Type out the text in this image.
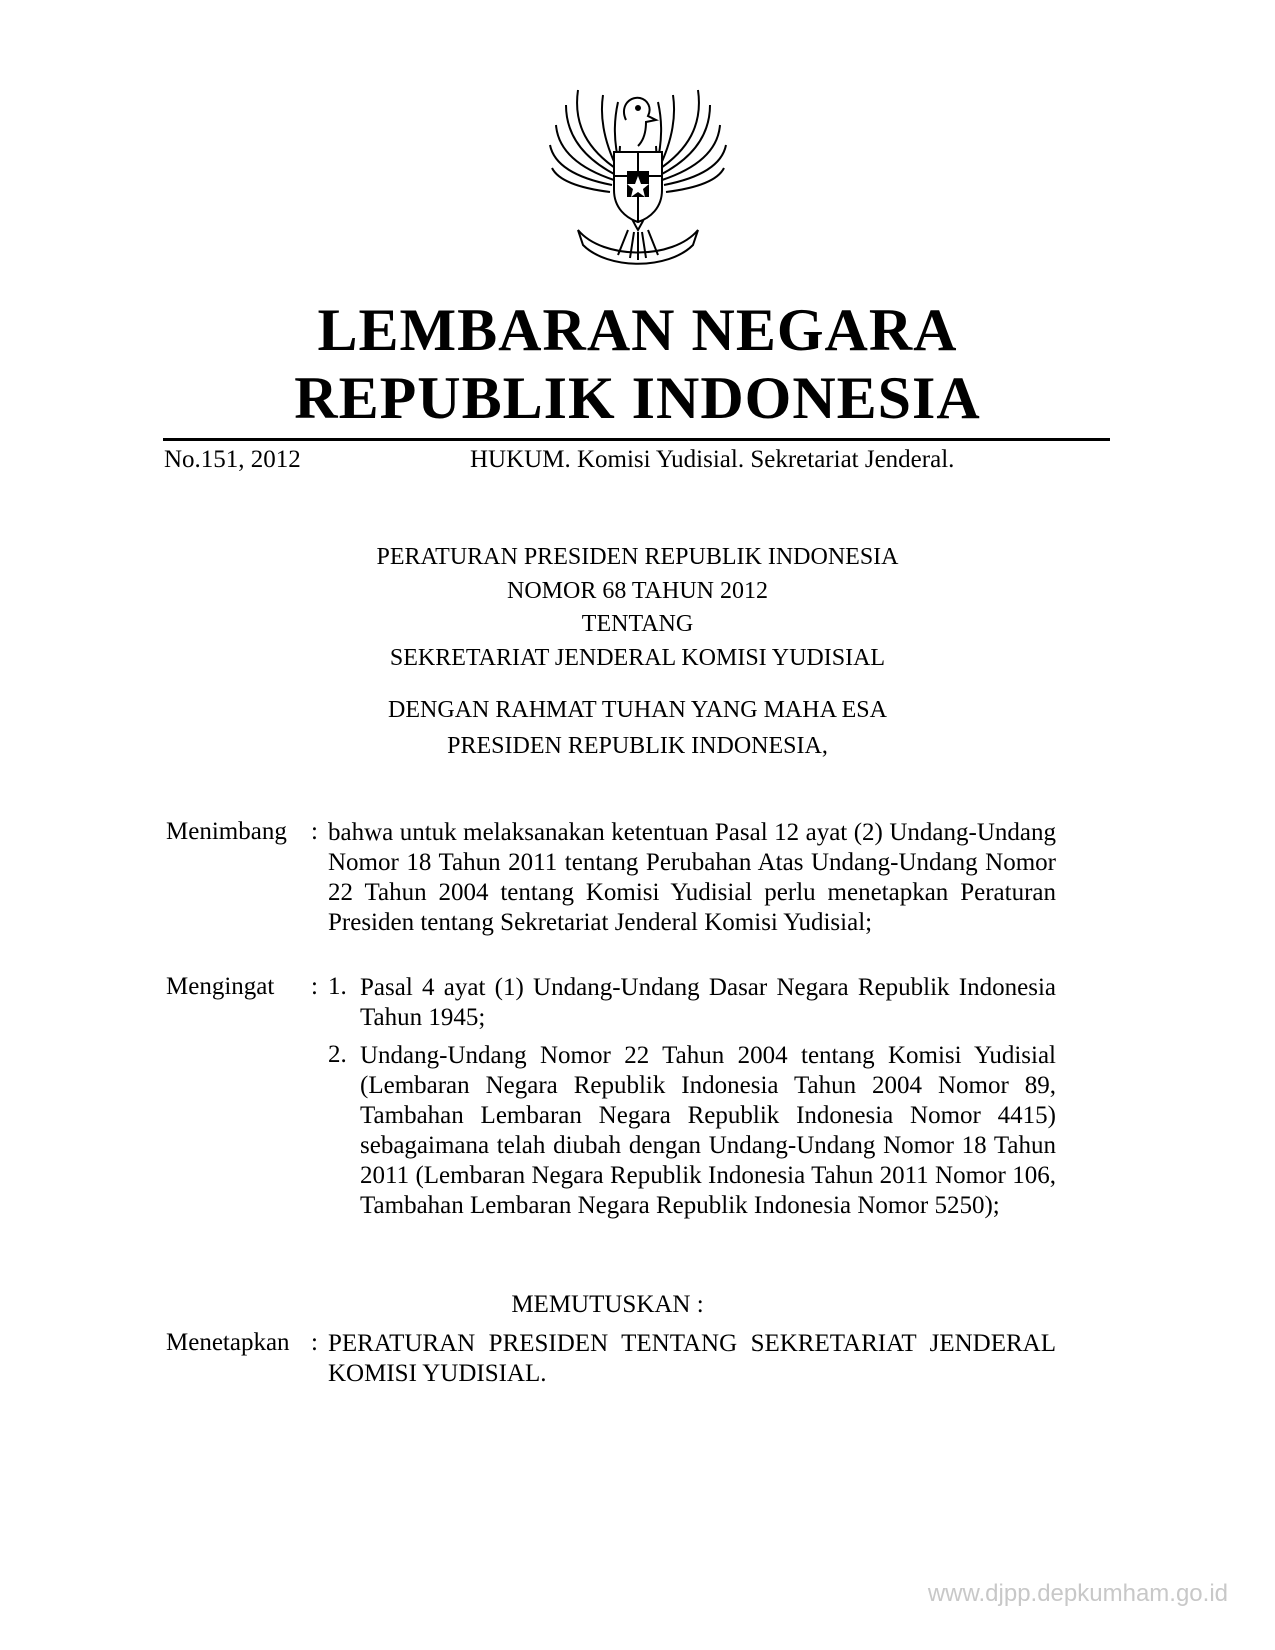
LEMBARAN NEGARA
REPUBLIK INDONESIA
No.151, 2012	HUKUM. Komisi Yudisial. Sekretariat Jenderal.
PERATURAN PRESIDEN REPUBLIK INDONESIA
NOMOR 68 TAHUN 2012
TENTANG
SEKRETARIAT JENDERAL KOMISI YUDISIAL
DENGAN RAHMAT TUHAN YANG MAHA ESA
PRESIDEN REPUBLIK INDONESIA,
Menimbang : bahwa untuk melaksanakan ketentuan Pasal 12 ayat (2) Undang-Undang Nomor 18 Tahun 2011 tentang Perubahan Atas Undang-Undang Nomor 22 Tahun 2004 tentang Komisi Yudisial perlu menetapkan Peraturan Presiden tentang Sekretariat Jenderal Komisi Yudisial;
Mengingat : 1. Pasal 4 ayat (1) Undang-Undang Dasar Negara Republik Indonesia Tahun 1945;
2. Undang-Undang Nomor 22 Tahun 2004 tentang Komisi Yudisial (Lembaran Negara Republik Indonesia Tahun 2004 Nomor 89, Tambahan Lembaran Negara Republik Indonesia Nomor 4415) sebagaimana telah diubah dengan Undang-Undang Nomor 18 Tahun 2011 (Lembaran Negara Republik Indonesia Tahun 2011 Nomor 106, Tambahan Lembaran Negara Republik Indonesia Nomor 5250);
MEMUTUSKAN :
Menetapkan : PERATURAN PRESIDEN TENTANG SEKRETARIAT JENDERAL KOMISI YUDISIAL.
www.djpp.depkumham.go.id
